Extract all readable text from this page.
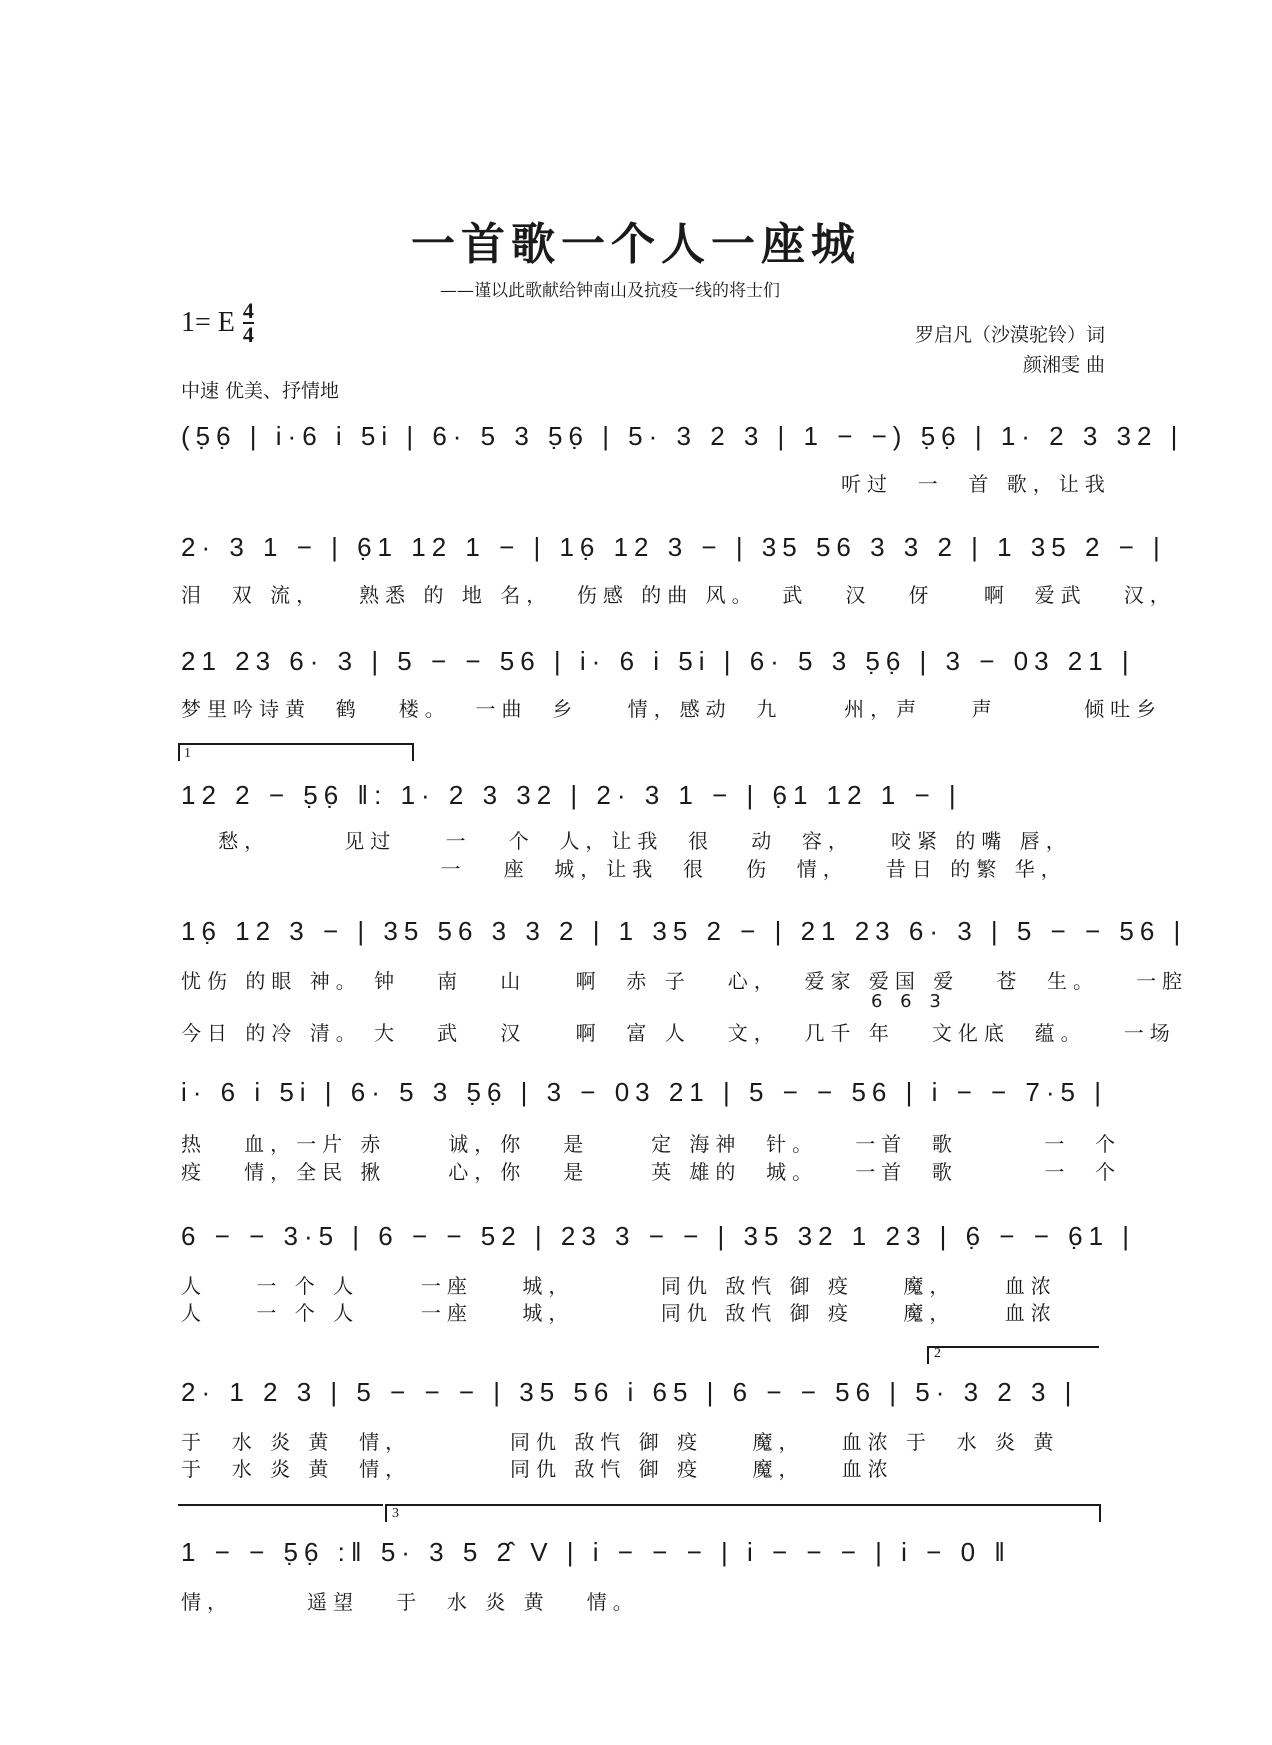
一首歌一个人一座城
——谨以此歌献给钟南山及抗疫一线的将士们
1= E $\frac{4}{4}$	罗启凡（沙漠驼铃）词
颜湘雯 曲
中速 优美、抒情地
(5̣6̣ | i·6 i 5i | 6· 5 3 5̣6̣ | 5· 3 2 3 | 1 − −) 5̣6̣ | 1· 2 3 32 |
听过  一  首 歌，让我
2· 3 1 − | 6̣1 12 1 − | 16̣ 12 3 − | 35 56 3 3 2 | 1 35 2 − |
泪  双 流，   熟悉 的 地 名，  伤感 的曲 风。  武   汉   伢    啊  爱武   汉，
21 23 6· 3 | 5 − − 56 | i· 6 i 5i | 6· 5 3 5̣6̣ | 3 − 03 21 |
梦里吟诗黄  鹤   楼。  一曲  乡    情，感动  九     州，声    声       倾吐乡
1
12 2 − 5̣6̣ ‖: 1· 2 3 32 | 2· 3 1 − | 6̣1 12 1 − |
愁，      见过    一   个  人，让我  很   动  容，   咬紧 的嘴 唇，
一   座  城，让我  很   伤  情，   昔日 的繁 华，
16̣ 12 3 − | 35 56 3 3 2 | 1 35 2 − | 21 23 6· 3 | 5 − − 56 |
忧伤 的眼 神。 钟   南   山    啊  赤 子   心，  爱家 爱国 爱   苍  生。   一腔
6 6 3
今日 的冷 清。 大   武   汉    啊  富 人   文，  几千 年   文化底  蕴。   一场
i· 6 i 5i | 6· 5 3 5̣6̣ | 3 − 03 21 | 5 − − 56 | i − − 7·5 |
热   血，一片 赤     诚，你   是     定 海神  针。   一首  歌       一  个
疫   情，全民 揪     心，你   是     英 雄的  城。   一首  歌       一  个
6 − − 3·5 | 6 − − 52 | 23 3 − − | 35 32 1 23 | 6̣ − − 6̣1 |
人    一 个 人     一座    城，       同仇 敌忾 御 疫    魔，    血浓
人    一 个 人     一座    城，       同仇 敌忾 御 疫    魔，    血浓
2
2· 1 2 3 | 5 − − − | 35 56 i 65 | 6 − − 56 | 5· 3 2 3 |
于  水 炎 黄  情，        同仇 敌忾 御 疫    魔，   血浓 于  水 炎 黄
于  水 炎 黄  情，        同仇 敌忾 御 疫    魔，   血浓
3
1 − − 5̣6̣ :‖ 5· 3 5 2̂ V | i − − − | i − − − | i − 0 ‖
情，      遥望   于  水 炎 黄   情。
